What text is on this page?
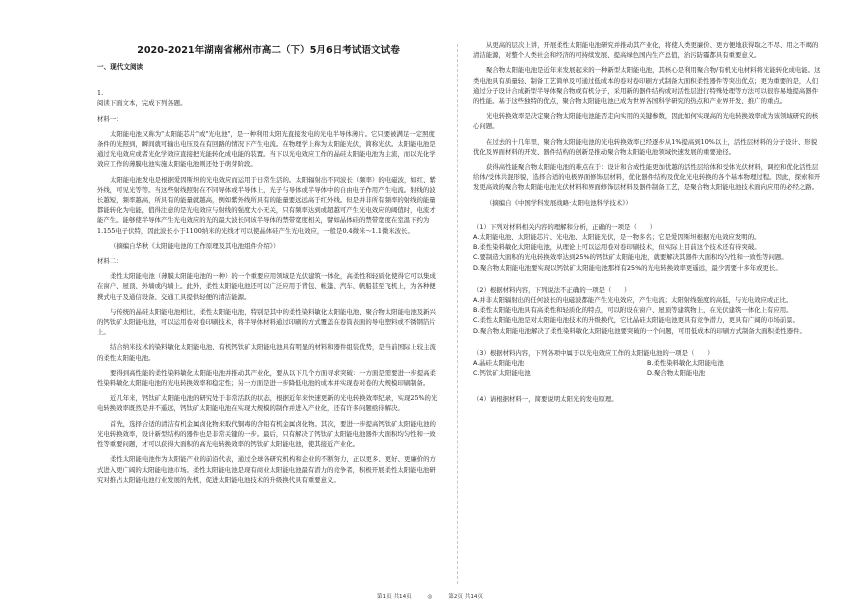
2020-2021年湖南省郴州市高二（下）5月6日考试语文试卷
一、现代文阅读

1.

阅读下面文本，完成下列各题。

材料一：

太阳能电池又称为"太阳能芯片"或"光电池"，是一种利用太阳光直接发电的光电半导体薄片。它只要被满足一定照度条件的光照到，瞬间就可输出电压及在有回路的情况下产生电流。在物理学上称为太阳能光伏，简称光伏。太阳能电池是通过光电效应或者光化学效应直接把光能转化成电能的装置。当下以光电效应工作的晶硅太阳能电池为主流，而以光化学效应工作的薄膜电池实施太阳能电池则还处于萌芽阶段。

太阳能电池发电是根据爱因斯坦的光电效应而运用于日常生活的。太阳辐射出不同波长（频率）的电磁波，如红、紫外线，可见光等等。当这些射线照射在不同导体或半导体上，光子与导体或半导体中的自由电子作用产生电流。射线的波长越短，频率越高，所具有的能量就越高，例如紫外线所具有的能量要远远高于红外线。但是并非所有频率的射线的能量都能转化为电能，值得注意的是光电效应与射线的强度大小无关，只有频率达到或超越可产生光电效应的阈值时，电流才能产生。能够使半导体产生光电效应的光的最大波长同该半导体的禁带宽度相关，譬如晶体硅的禁带宽度在室温下约为1.155电子伏特，因此波长小于1100纳米的光线才可以使晶体硅产生光电效应，一般是0.4微米～1.1微米波长。

（摘编自华秋《太阳能电池的工作原理及其电池组件介绍》）

材料二：

柔性太阳能电池（薄膜太阳能电池的一种）的一个重要应用领域是光伏建筑一体化，高柔性和轻质化使得它可以集成在窗户、屋顶、外墙或内墙上。此外，柔性太阳能电池还可以广泛应用于背包、帐篷、汽车、帆船甚至飞机上，为各种便携式电子及通信设备、交通工具提供轻便的清洁能源。

与传统的晶硅太阳能电池相比，柔性太阳能电池，特别是其中的柔性染料敏化太阳能电池、聚合物太阳能电池及新兴的钙钛矿太阳能电池，可以运用卷对卷印刷技术，将半导体材料通过印刷的方式覆盖在卷筒表面的导电塑料或不锈钢箔片上。

结合纳米技术的染料敏化太阳能电池、有机钙钛矿太阳能电池具有明显的材料和器件组装优势，是当前国际上较主流的柔性太阳能电池。

要得到高性能的柔性染料敏化太阳能电池并推动其产业化，要从以下几个方面寻求突破：一方面是需要进一步提高柔性染料敏化太阳能电池的光电转换效率和稳定性；另一方面是进一步降低电池的成本并实现卷对卷的大规模印刷制备。

近几年来，钙钛矿太阳能电池的研究处于非常活跃的状态，根据近年来快速更新的光电转换效率纪录，实现25%的光电转换效率既然是并不遥远，钙钛矿太阳能电池在实现大规模的制作并进入产业化，还有许多问题亟待解决。

首先，选择合适的清洁有机金属卤化物来取代铜毒的含铅有机金属卤化物。其次，要进一步提高钙钛矿太阳能电池的光电转换效率，设计新型结构的器件也是非常关键的一步。最后，只有解决了钙钛矿太阳能电池器件大面积均匀性和一致性等重要问题，才可以获得大面积的高光电转换效率的钙钛矿太阳能电池，使其接近产业化。

柔性太阳能电池作为太阳能产业的前沿代表，通过全球各研究机构和企业的不断努力，正以更多、更好、更廉价的方式进入更广阔的太阳能电池市场。柔性太阳能电池是现有商业太阳能电池最有潜力的竞争者，积极开展柔性太阳能电池研究对推占太阳能电池行业发展的先机，促进太阳能电池技术的升级换代具有重要意义。

从更高的层次上讲，开展柔性太阳能电池研究并推动其产业化，将使人类更廉价、更方便地获得取之不尽、用之不竭的清洁能源，对整个人类社会和经济的可持续发展、提高绿色国内生产总值，治污防霾都具有重要意义。

聚合物太阳能电池是近年来发展起来的一种新型太阳能电池，其核心是利用聚合物/有机光电材料将光能转化成电能。这类电池具有质量轻、制备工艺简单及可通过低成本的卷对卷印刷方式制备大面积柔性器件等突出优点；更为重要的是，人们通过分子设计合成新型半导体聚合物或有机分子，采用新的器件结构或对活性层进行特殊处理等方法可以很容易地提高器件的性能。基于这些独特的优点，聚合物太阳能电池已成为世界各国科学研究的热点和产业界开发、推广的重点。

光电转换效率是决定聚合物太阳能电池能否走向实用的关键参数，因此如何实现高的光电转换效率成为该领域研究的核心问题。

在过去的十几年里，聚合物太阳能电池的光电转换效率已经逐步从1%提高到10%以上，活性层材料的分子设计、形貌优化及界面材料的开发、器件结构的创新是推动聚合物太阳能电池领域快速发展的重要途径。

获得高性能聚合物太阳能电池的难点在于：设计和合成性能更加优越的活性层给体和受体光伏材料，调控和优化活性层给体/受体共混形貌，选择合适的电极界面修饰层材料，优化器件结构及优化光电转换的各个基本物理过程。因此，探索和开发更高效的聚合物太阳能电池光伏材料和界面修饰层材料及器件制备工艺，是聚合物太阳能电池技术面向应用的必经之路。

（摘编自《中国学科发展战略·太阳电池科学技术》）

（1）下列对材料相关内容的理解和分析，正确的一项是（　　）

A.太阳能电池、太阳能芯片、光电池、太阳能光伏，是一物多名；它是爱因斯坦根据光电效应发明的。

B.柔性染料敏化太阳能电池，从理论上可以运用卷对卷印刷技术，但实际上目前这个技术还有待突破。

C.要制造大面积的光电转换效率达到25%的钙钛矿太阳能电池，就要解决其器件大面积均匀性和一致性等问题。

D.聚合物太阳能电池要实现以钙钛矿太阳能电池那样有25%的光电转换效率更遥远，最少需要十多年或更长。

（2）根据材料内容，下列说法不正确的一项是（　　）

A.并非太阳辐射出的任何波长的电磁波都能产生光电效应，产生电流；太阳射线强度的高低，与光电效应或正比。

B.柔性太阳能电池具有高柔性和轻质化的特点，可以附设在窗户、屋顶等建筑物上，在光伏建筑一体化上有应用。

C.柔性太阳能电池是对太阳能电池技术的升级换代，它比晶硅太阳能电池更具有竞争潜力，更具有广阔的市场前景。

D.聚合物太阳能电池解决了柔性染料敏化太阳能电池要突破的一个问题，可用低成本的印刷方式制备大面积柔性器件。

（3）根据材料内容，下列各项中属于以光电效应工作的太阳能电池的一项是（　　）

A.晶硅太阳能电池	B.柔性染料敏化太阳能电池
C.钙钛矿太阳能电池	D.聚合物太阳能电池

（4）请根据材料一，简要说明太阳光的发电原理。

第1页 共14页	◎	第2页 共14页
